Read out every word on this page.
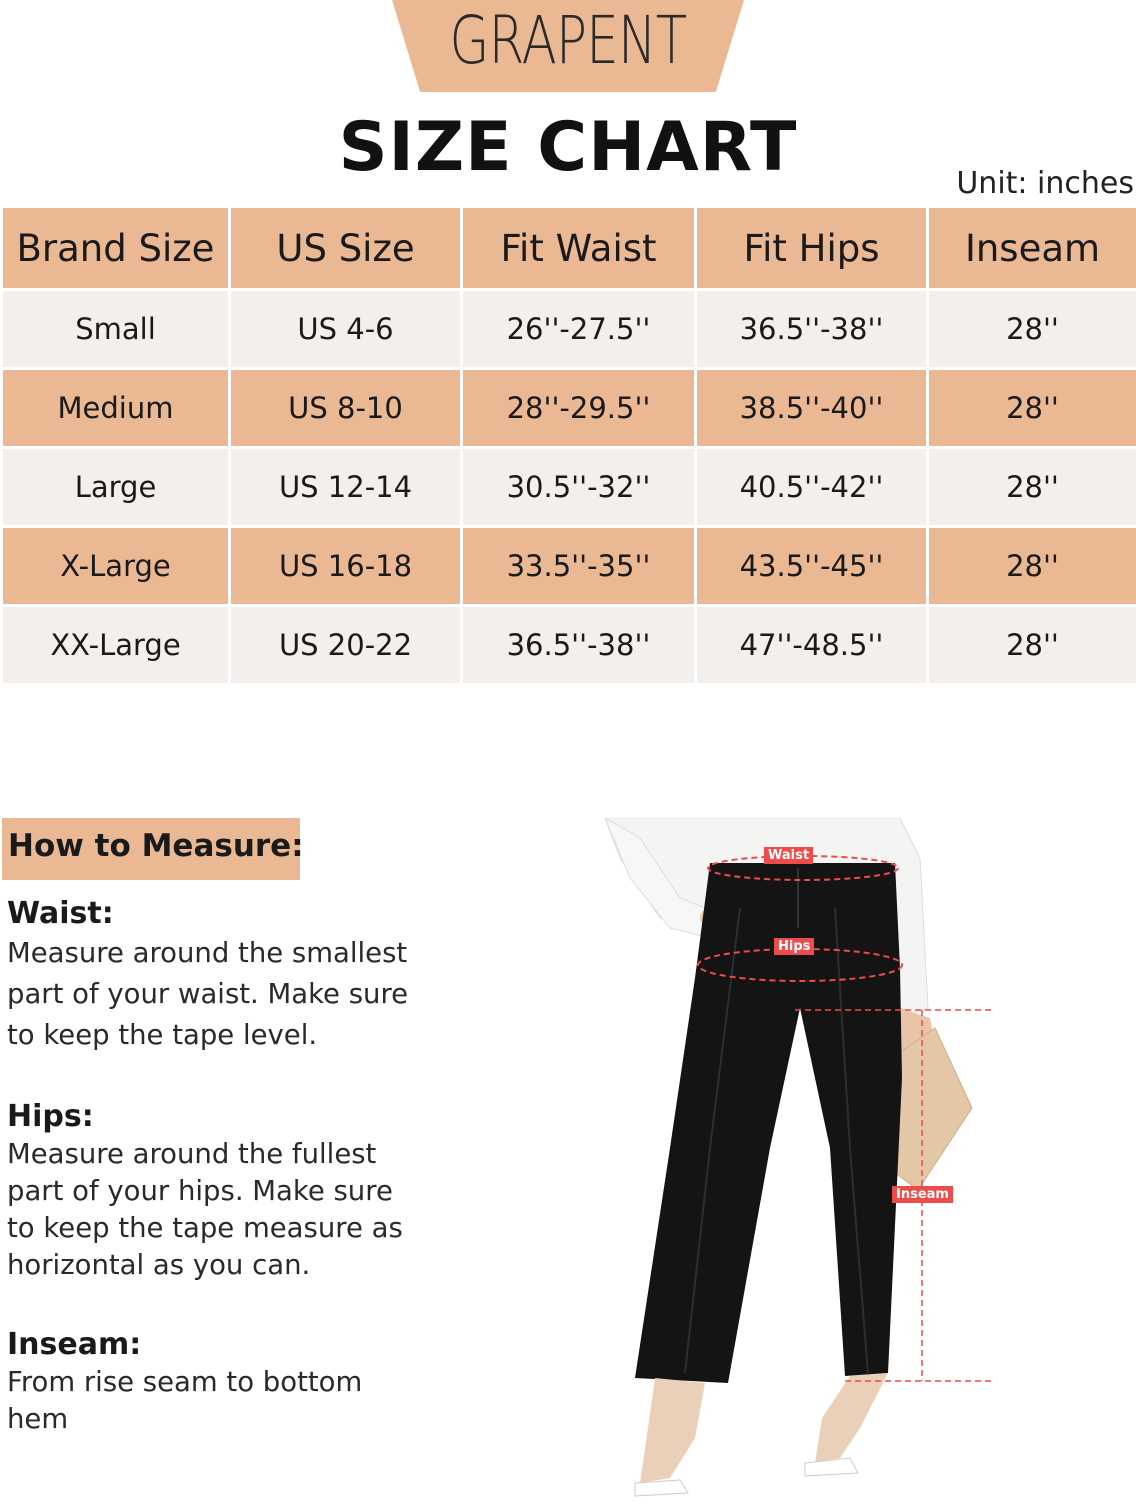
GRAPENT
SIZE CHART	Unit: inches
Brand Size	US Size	Fit Waist	Fit Hips	Inseam
Small	US 4-6	26''-27.5''	36.5''-38''	28''
Medium	US 8-10	28''-29.5''	38.5''-40''	28''
Large	US 12-14	30.5''-32''	40.5''-42''	28''
X-Large	US 16-18	33.5''-35''	43.5''-45''	28''
XX-Large	US 20-22	36.5''-38''	47''-48.5''	28''
How to Measure:
Waist:
Measure around the smallest
part of your waist. Make sure
to keep the tape level.
Hips:
Measure around the fullest
part of your hips. Make sure
to keep the tape measure as
horizontal as you can.
Inseam:
From rise seam to bottom
hem
Waist
Hips
Inseam
